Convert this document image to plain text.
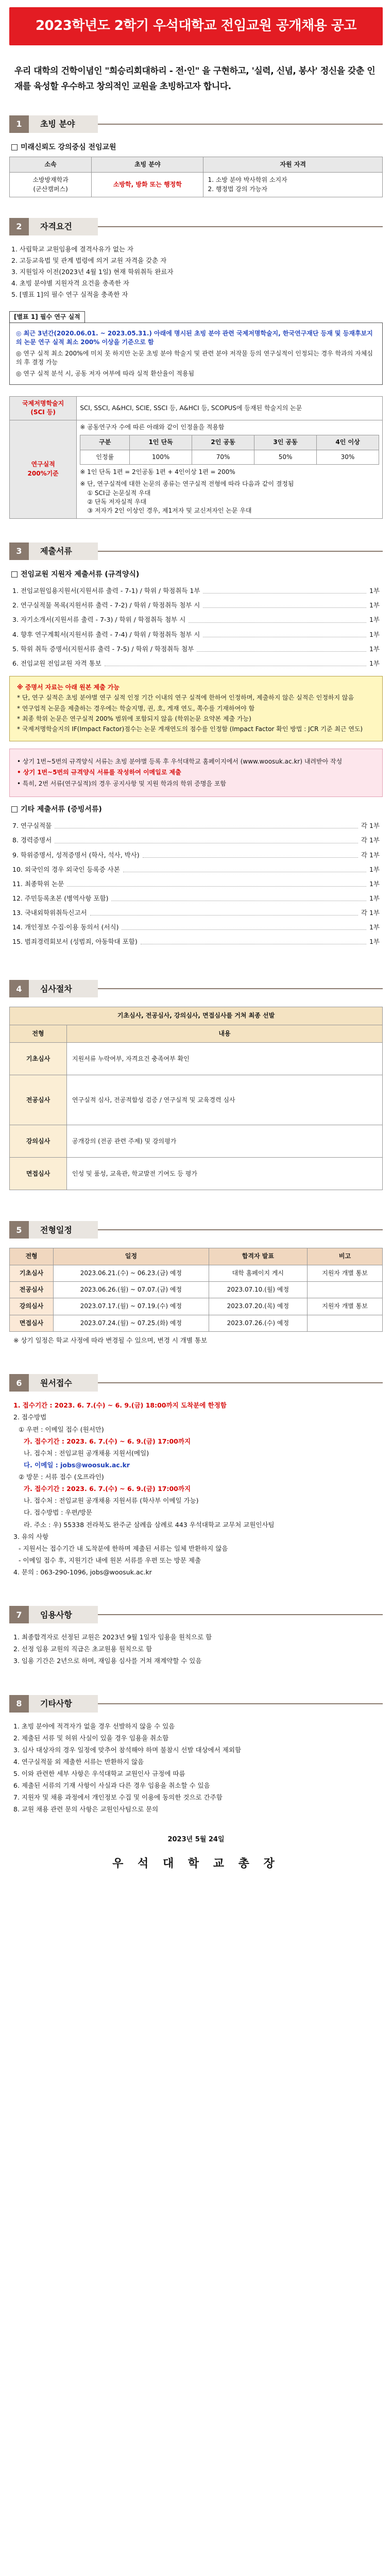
2023학년도 2학기 우석대학교 전임교원 공개채용 공고
우리 대학의 건학이념인 "희승리회대하리 - 전·인" 을 구현하고, '실력, 신념, 봉사' 정신을 갖춘 인재를 육성할 우수하고 창의적인 교원을 초빙하고자 합니다.
1	초빙 분야
미래신뢰도 강의중심 전임교원
소속	초빙 분야	자원 자격
소방방재학과
(군산캠퍼스)	소방학, 방화 또는 행정학	1. 소방 분야 박사학위 소지자
2. 행정법 강의 가능자
2	자격요건

1. 사립학교 교원임용에 결격사유가 없는 자

2. 고등교육법 및 관계 법령에 의거 교원 자격을 갖춘 자

3. 지원일자 이전(2023년 4월 1일) 현재 학위취득 완료자

4. 초빙 분야별 지원자격 요건을 충족한 자

5. [별표 1]의 필수 연구 실적을 충족한 자

[별표 1] 필수 연구 실적

◎ 최근 3년간(2020.06.01. ~ 2023.05.31.) 아래에 명시된 초빙 분야 관련 국제저명학술지, 한국연구재단 등재 및 등재후보지의 논문 연구 실적 최소 200% 이상을 기준으로 함

◎ 연구 실적 최소 200%에 미치 못 하지만 논문 초빙 분야 학술지 및 관련 분야 저작물 등의 연구실적이 인정되는 경우 학과의 자체심의 후 결정 가능

◎ 연구 실적 분석 시, 공동 저자 여부에 따라 실적 환산율이 적용됨

국제저명학술지
(SCI 등)	SCI, SSCI, A&HCI, SCIE, SSCI 등, A&HCI 등, SCOPUS에 등재된 학술지의 논문
연구실적
200%기준	
※ 공동연구자 수에 따른 아래와 같이 인정율을 적용함
구분	1인 단독	2인 공동	3인 공동	4인 이상
인정률	100%	70%	50%	30%
※ 1인 단독 1편 = 2인공동 1편 + 4인이상 1편 = 200%
※ 단, 연구실적에 대한 논문의 종류는 연구실적 전형에 따라 다음과 같이 결정됨
① SCI급 논문실적 우대
② 단독 저자실적 우대
③ 저자가 2인 이상인 경우, 제1저자 및 교신저자인 논문 우대
3	제출서류
전임교원 지원자 제출서류 (규격양식)
1. 전임교원임용지원서(지원서류 출력 - 7-1) / 학위 / 학점취득 1부	1부
2. 연구실적물 목록(지원서류 출력 - 7-2) / 학위 / 학점취득 첨부 시	1부
3. 자기소개서(지원서류 출력 - 7-3) / 학위 / 학점취득 첨부 시	1부
4. 향후 연구계획서(지원서류 출력 - 7-4) / 학위 / 학점취득 첨부 시	1부
5. 학위 취득 증명서(지원서류 출력 - 7-5) / 학위 / 학점취득 첨부	1부
6. 전임교원 전임교원 자격 통보	1부

※ 증명서 자료는 아래 원본 제출 가능

* 단, 연구 실적은 초빙 분야별 연구 실적 인정 기간 이내의 연구 실적에 한하여 인정하며, 제출하지 않은 실적은 인정하지 않음

* 연구업적 논문을 제출하는 경우에는 학술지명, 권, 호, 게재 연도, 쪽수를 기재하여야 함

* 최종 학위 논문은 연구실적 200% 범위에 포함되지 않음 (학위논문 요약본 제출 가능)

* 국제저명학술지의 IF(Impact Factor)점수는 논문 게재연도의 점수를 인정함 (Impact Factor 확인 방법 : JCR 기준 최근 연도)

• 상기 1번~5번의 규격양식 서류는 초빙 분야별 등록 후 우석대학교 홈페이지에서 (www.woosuk.ac.kr) 내려받아 작성

• 상기 1번~5번의 규격양식 서류를 작성하여 이메일로 제출

• 특히, 2번 서류(연구실적)의 경우 공지사항 및 지원 학과의 학위 증명을 포함

기타 제출서류 (증빙서류)
7. 연구실적물	각 1부
8. 경력증명서	각 1부
9. 학위증명서, 성적증명서 (학사, 석사, 박사)	각 1부
10. 외국인의 경우 외국인 등록증 사본	1부
11. 최종학위 논문	1부
12. 주민등록초본 (병역사항 포함)	1부
13. 국내외학위취득신고서	각 1부
14. 개인정보 수집·이용 동의서 (서식)	1부
15. 범죄경력회보서 (성범죄, 아동학대 포함)	1부
4	심사절차
기초심사, 전공심사, 강의심사, 면접심사를 거쳐 최종 선발	
전형	내용
기초심사	지원서류 누락여부, 자격요건 충족여부 확인
전공심사	연구실적 심사, 전공적합성 검증 / 연구실적 및 교육경력 심사
강의심사	공개강의 (전공 관련 주제) 및 강의평가
면접심사	인성 및 품성, 교육관, 학교발전 기여도 등 평가
5	전형일정
전형	일정	합격자 발표	비고
기초심사	2023.06.21.(수) ~ 06.23.(금) 예정	대학 홈페이지 게시	지원자 개별 통보
전공심사	2023.06.26.(월) ~ 07.07.(금) 예정	2023.07.10.(월) 예정	
강의심사	2023.07.17.(월) ~ 07.19.(수) 예정	2023.07.20.(목) 예정	지원자 개별 통보
면접심사	2023.07.24.(월) ~ 07.25.(화) 예정	2023.07.26.(수) 예정	
※ 상기 일정은 학교 사정에 따라 변경될 수 있으며, 변경 시 개별 통보
6	원서접수

1. 접수기간 : 2023. 6. 7.(수) ~ 6. 9.(금) 18:00까지 도착분에 한정함

2. 접수방법

① 우편 : 이메일 접수 (원서만)

가. 접수기간 : 2023. 6. 7.(수) ~ 6. 9.(금) 17:00까지

나. 접수처 : 전임교원 공개채용 지원서(메일)

다. 이메일 : jobs@woosuk.ac.kr

② 방문 : 서류 접수 (오프라인)

가. 접수기간 : 2023. 6. 7.(수) ~ 6. 9.(금) 17:00까지

나. 접수처 : 전임교원 공개채용 지원서류 (학사부 이메일 가능)

다. 접수방법 : 우편/방문

라. 주소 : 우) 55338 전라북도 완주군 삼례읍 삼례로 443 우석대학교 교무처 교원인사팀

3. 유의 사항

- 지원서는 접수기간 내 도착분에 한하며 제출된 서류는 일체 반환하지 않음

- 이메일 접수 후, 지원기간 내에 원본 서류를 우편 또는 방문 제출

4. 문의 : 063-290-1096, jobs@woosuk.ac.kr

7	임용사항

1. 최종합격자로 선정된 교원은 2023년 9월 1일자 임용을 원칙으로 함

2. 선정 임용 교원의 직급은 초교원용 원칙으로 함

3. 임용 기간은 2년으로 하며, 재임용 심사를 거쳐 재계약할 수 있음

8	기타사항

1. 초빙 분야에 적격자가 없을 경우 선발하지 않을 수 있음

2. 제출된 서류 및 허위 사실이 있을 경우 임용을 취소함

3. 심사 대상자의 경우 일정에 맞추어 참석해야 하며 불참시 선발 대상에서 제외함

4. 연구실적물 외 제출한 서류는 반환하지 않음

5. 이와 관련한 세부 사항은 우석대학교 교원인사 규정에 따름

6. 제출된 서류의 기재 사항이 사실과 다른 경우 임용을 취소할 수 있음

7. 지원자 및 채용 과정에서 개인정보 수집 및 이용에 동의한 것으로 간주함

8. 교원 채용 관련 문의 사항은 교원인사팀으로 문의

2023년 5월 24일
우 석 대 학 교 총 장
